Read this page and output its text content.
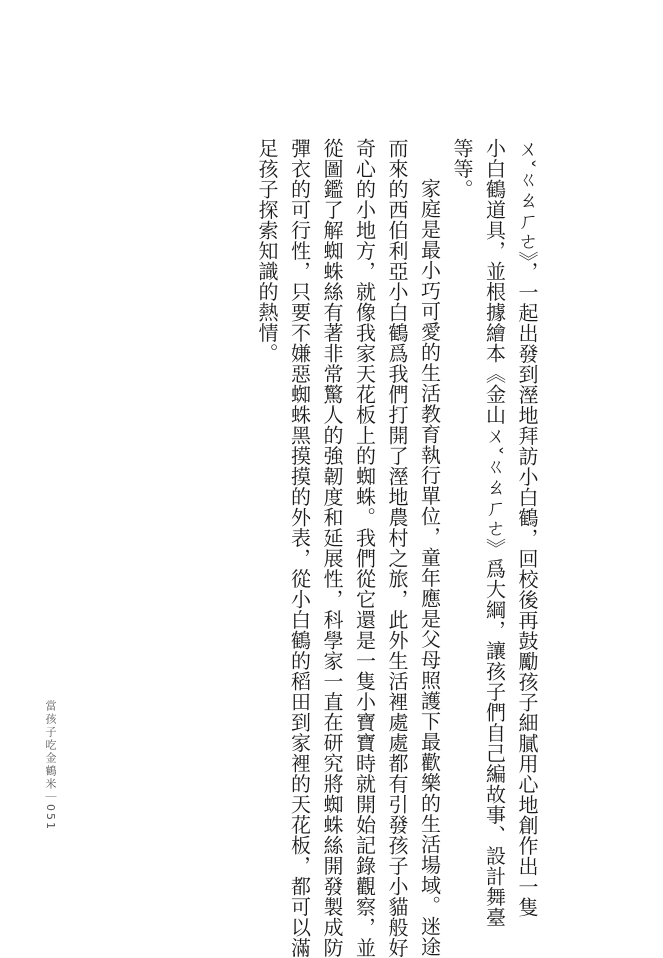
ㄨˇㄍㄠㄏㄜ》，一起出發到溼地拜訪小白鶴，回校後再鼓勵孩子細膩用心地創作出一隻

小白鶴道具，並根據繪本《金山ㄨˇㄍㄠㄏㄜ》爲大綱，讓孩子們自己編故事、設計舞臺

等等。

家庭是最小巧可愛的生活教育執行單位，童年應是父母照護下最歡樂的生活場域。迷途

而來的西伯利亞小白鶴爲我們打開了溼地農村之旅，此外生活裡處處都有引發孩子小貓般好

奇心的小地方，就像我家天花板上的蜘蛛。我們從它還是一隻小寶寶時就開始記錄觀察，並

從圖鑑了解蜘蛛絲有著非常驚人的強韌度和延展性，科學家一直在研究將蜘蛛絲開發製成防

彈衣的可行性，只要不嫌惡蜘蛛黑摸摸的外表，從小白鶴的稻田到家裡的天花板，都可以滿

足孩子探索知識的熱情。

當孩子吃金鶴米｜051
